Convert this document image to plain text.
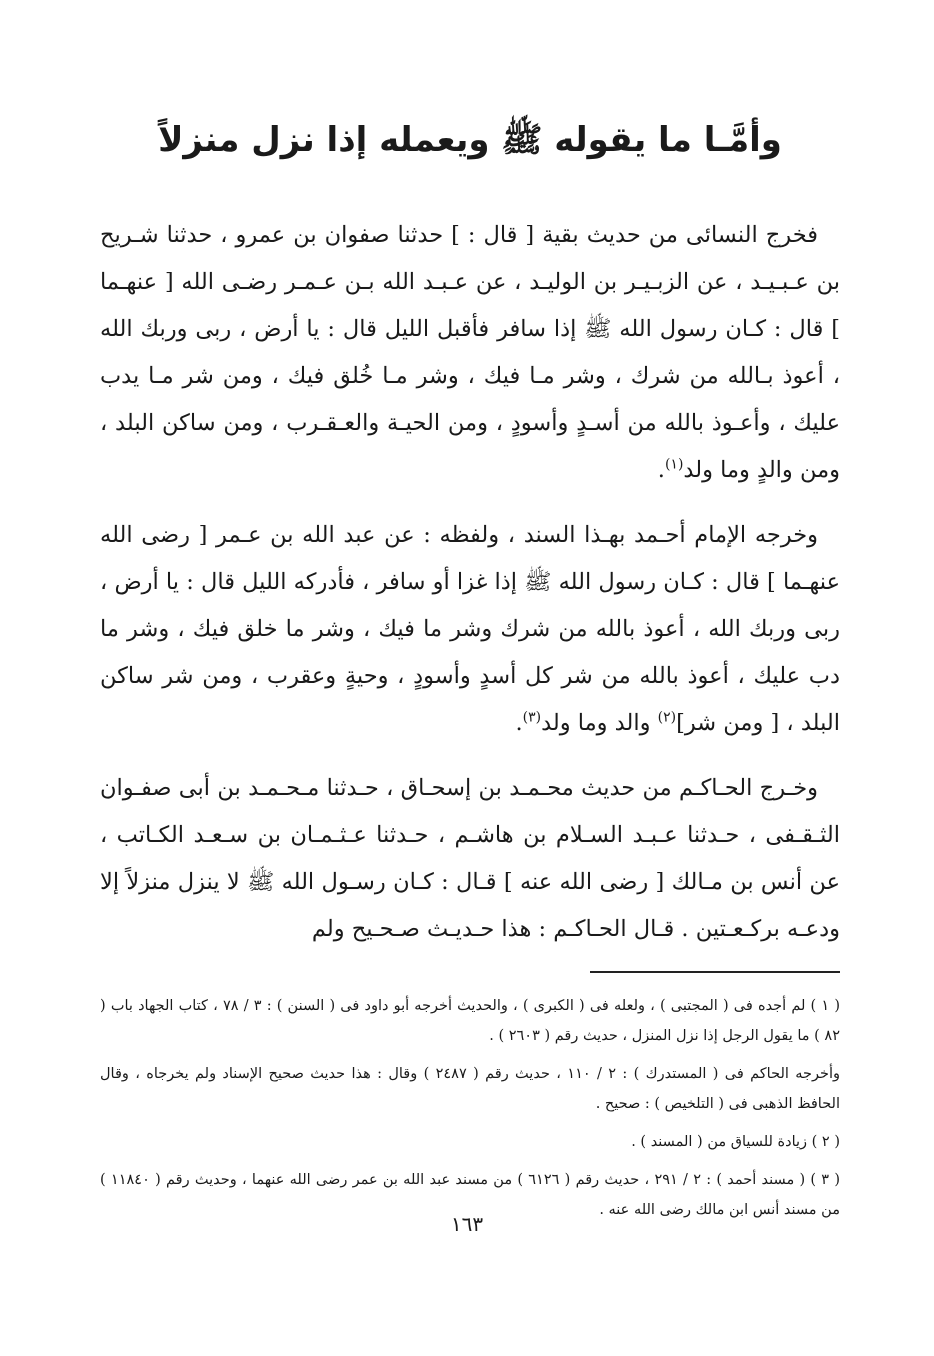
وأمَّـا ما يقوله ﷺ ويعمله إذا نزل منزلاً

فخرج النسائى من حديث بقية [ قال : ] حدثنا صفوان بن عمرو ، حدثنا شـريح بن عـبـيـد ، عن الزبـيـر بن الوليـد ، عن عـبـد الله بـن عـمـر رضـى الله [ عنهـما ] قال : كـان رسول الله ﷺ إذا سافر فأقبل الليل قال : يا أرض ، ربى وربك الله ، أعوذ بـالله من شرك ، وشر مـا فيك ، وشر مـا خُلق فيك ، ومن شر مـا يدب عليك ، وأعـوذ بالله من أسـدٍ وأسودٍ ، ومن الحيـة والعـقـرب ، ومن ساكن البلد ، ومن والدٍ وما ولد$^{(١)}$.

وخرجه الإمام أحـمد بهـذا السند ، ولفظه : عن عبد الله بن عـمر [ رضى الله عنهـما ] قال : كـان رسول الله ﷺ إذا غزا أو سافر ، فأدركه الليل قال : يا أرض ، ربى وربك الله ، أعوذ بالله من شرك وشر ما فيك ، وشر ما خلق فيك ، وشر ما دب عليك ، أعوذ بالله من شر كل أسدٍ وأسودٍ ، وحيةٍ وعقرب ، ومن شر ساكن البلد ، [ ومن شر]$^{(٢)}$ والد وما ولد$^{(٣)}$.

وخـرج الحـاكـم من حديث محـمـد بن إسحـاق ، حـدثنا مـحـمـد بن أبى صفـوان الثـقـفى ، حـدثنا عـبـد السـلام بن هاشـم ، حـدثنا عـثـمـان بن سـعـد الكـاتب ، عن أنس بن مـالك [ رضى الله عنه ] قـال : كـان رسـول الله ﷺ لا ينزل منزلاً إلا ودعـه بركـعـتين . قـال الحـاكـم : هذا حـديـث صـحـيح ولم

( ١ ) لم أجده فى ( المجتبى ) ، ولعله فى ( الكبرى ) ، والحديث أخرجه أبو داود فى ( السنن ) : ٣ / ٧٨ ، كتاب الجهاد باب ( ٨٢ ) ما يقول الرجل إذا نزل المنزل ، حديث رقم ( ٢٦٠٣ ) .

وأخرجه الحاكم فى ( المستدرك ) : ٢ / ١١٠ ، حديث رقم ( ٢٤٨٧ ) وقال : هذا حديث صحيح الإسناد ولم يخرجاه ، وقال الحافظ الذهبى فى ( التلخيص ) : صحيح .

( ٢ ) زيادة للسياق من ( المسند ) .

( ٣ ) ( مسند أحمد ) : ٢ / ٢٩١ ، حديث رقم ( ٦١٢٦ ) من مسند عبد الله بن عمر رضى الله عنهما ، وحديث رقم ( ١١٨٤٠ ) من مسند أنس ابن مالك رضى الله عنه .

١٦٣
